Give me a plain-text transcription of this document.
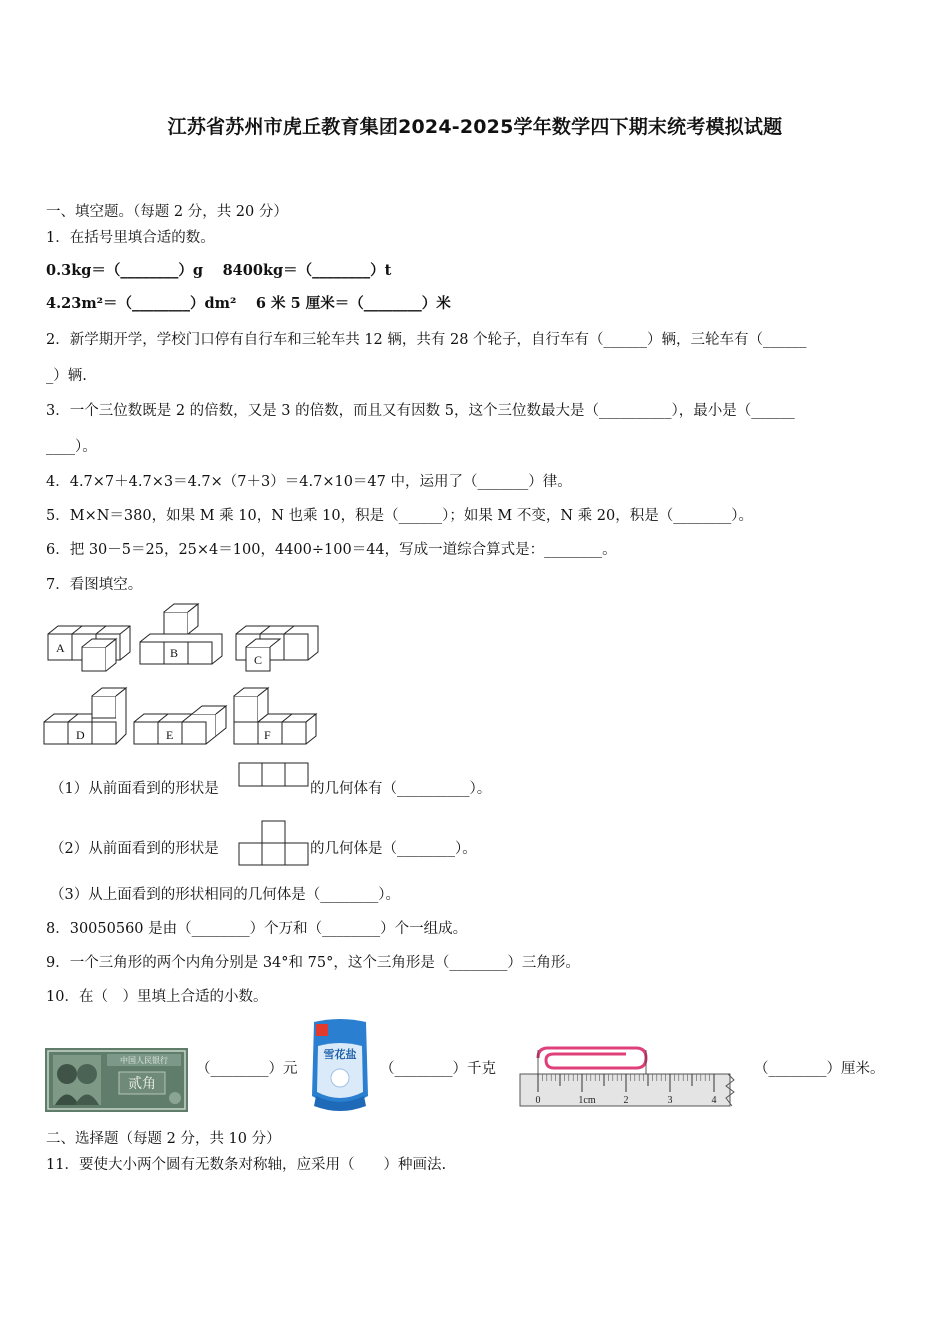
江苏省苏州市虎丘教育集团2024-2025学年数学四下期末统考模拟试题
一、填空题。（每题 2 分，共 20 分）
1．在括号里填合适的数。
0.3kg＝（________）g　 8400kg＝（________）t
4.23m²＝（________）dm²　 6 米 5 厘米＝（________）米
2．新学期开学，学校门口停有自行车和三轮车共 12 辆，共有 28 个轮子，自行车有（______）辆，三轮车有（______
_）辆.
3．一个三位数既是 2 的倍数，又是 3 的倍数，而且又有因数 5，这个三位数最大是（__________），最小是（______
____）。
4．4.7×7＋4.7×3＝4.7×（7＋3）＝4.7×10＝47 中，运用了（_______）律。
5．M×N＝380，如果 M 乘 10，N 也乘 10，积是（______）；如果 M 不变，N 乘 20，积是（________）。
6．把 30－5＝25，25×4＝100，4400÷100＝44，写成一道综合算式是：________。
7．看图填空。
A	B	C
D	E	F
（1）从前面看到的形状是	的几何体有（__________）。
（2）从前面看到的形状是	的几何体是（________）。
（3）从上面看到的形状相同的几何体是（________）。
8．30050560 是由（________）个万和（________）个一组成。
9．一个三角形的两个内角分别是 34°和 75°，这个三角形是（________）三角形。
10．在（　）里填上合适的小数。
中国人民银行
贰角
（________）元
雪花盐
（________）千克
0	1cm	2	3	4
（________）厘米。
二、选择题（每题 2 分，共 10 分）
11．要使大小两个圆有无数条对称轴，应采用（　　）种画法.
